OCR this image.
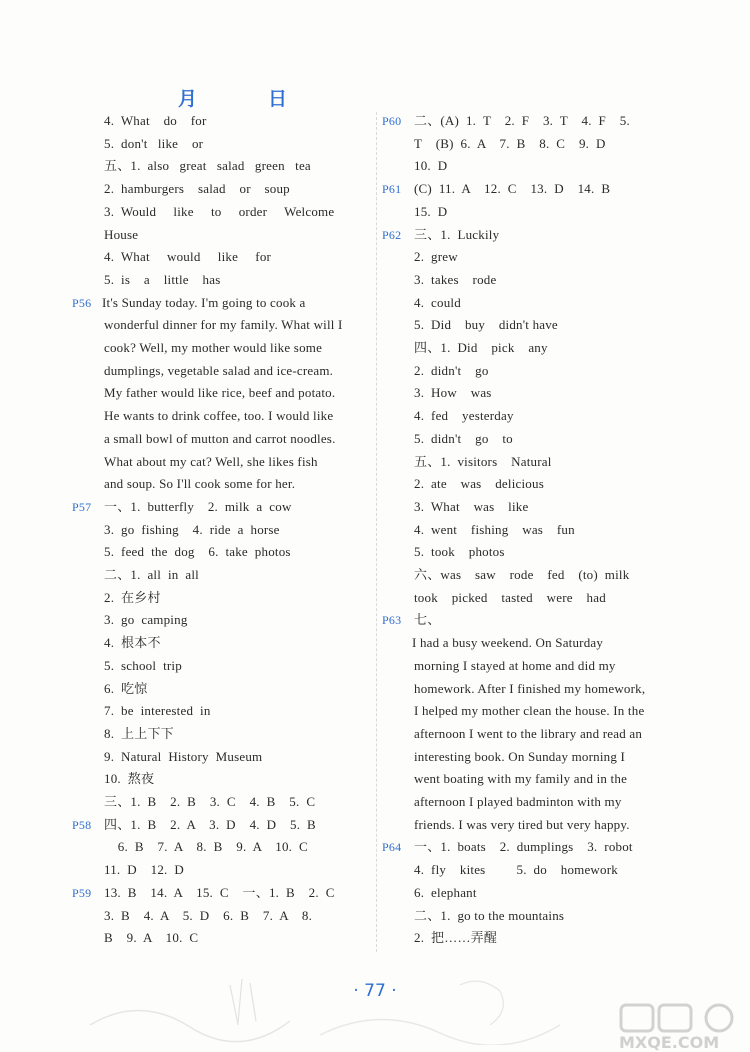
月	日
4.  What    do    for
5.  don't   like    or
五、1.  also   great   salad   green   tea
2.  hamburgers    salad    or    soup
3.  Would     like     to     order     Welcome
House
4.  What     would     like     for
5.  is    a    little    has
P56 It's Sunday today. I'm going to cook a
wonderful dinner for my family. What will I
cook? Well, my mother would like some
dumplings, vegetable salad and ice-cream.
My father would like rice, beef and potato.
He wants to drink coffee, too. I would like
a small bowl of mutton and carrot noodles.
What about my cat? Well, she likes fish
and soup. So I'll cook some for her.
P57 一、1.  butterfly    2.  milk  a  cow
3.  go  fishing    4.  ride  a  horse
5.  feed  the  dog    6.  take  photos
二、1.  all  in  all
2.  在乡村
3.  go  camping
4.  根本不
5.  school  trip
6.  吃惊
7.  be  interested  in
8.  上上下下
9.  Natural  History  Museum
10.  熬夜
三、1.  B    2.  B    3.  C    4.  B    5.  C
P58 四、1.  B    2.  A    3.  D    4.  D    5.  B
6.  B    7.  A    8.  B    9.  A    10.  C
11.  D    12.  D
P59 13.  B    14.  A    15.  C    一、1.  B    2.  C
3.  B    4.  A    5.  D    6.  B    7.  A    8.
B    9.  A    10.  C
P60 二、(A)  1.  T    2.  F    3.  T    4.  F    5.
T    (B)  6.  A    7.  B    8.  C    9.  D
10.  D
P61 (C)  11.  A    12.  C    13.  D    14.  B
15.  D
P62 三、1.  Luckily
2.  grew
3.  takes    rode
4.  could
5.  Did    buy    didn't have
四、1.  Did    pick    any
2.  didn't    go
3.  How    was
4.  fed    yesterday
5.  didn't    go    to
五、1.  visitors    Natural
2.  ate    was    delicious
3.  What    was    like
4.  went    fishing    was    fun
5.  took    photos
六、was    saw    rode    fed    (to)  milk
took    picked    tasted    were    had
P63 七、
I had a busy weekend. On Saturday
morning I stayed at home and did my
homework. After I finished my homework,
I helped my mother clean the house. In the
afternoon I went to the library and read an
interesting book. On Sunday morning I
went boating with my family and in the
afternoon I played badminton with my
friends. I was very tired but very happy.
P64 一、1.  boats    2.  dumplings    3.  robot
4.  fly    kites         5.  do    homework
6.  elephant
二、1.  go to the mountains
2.  把……弄醒
· 77 ·
MXQE.COM
